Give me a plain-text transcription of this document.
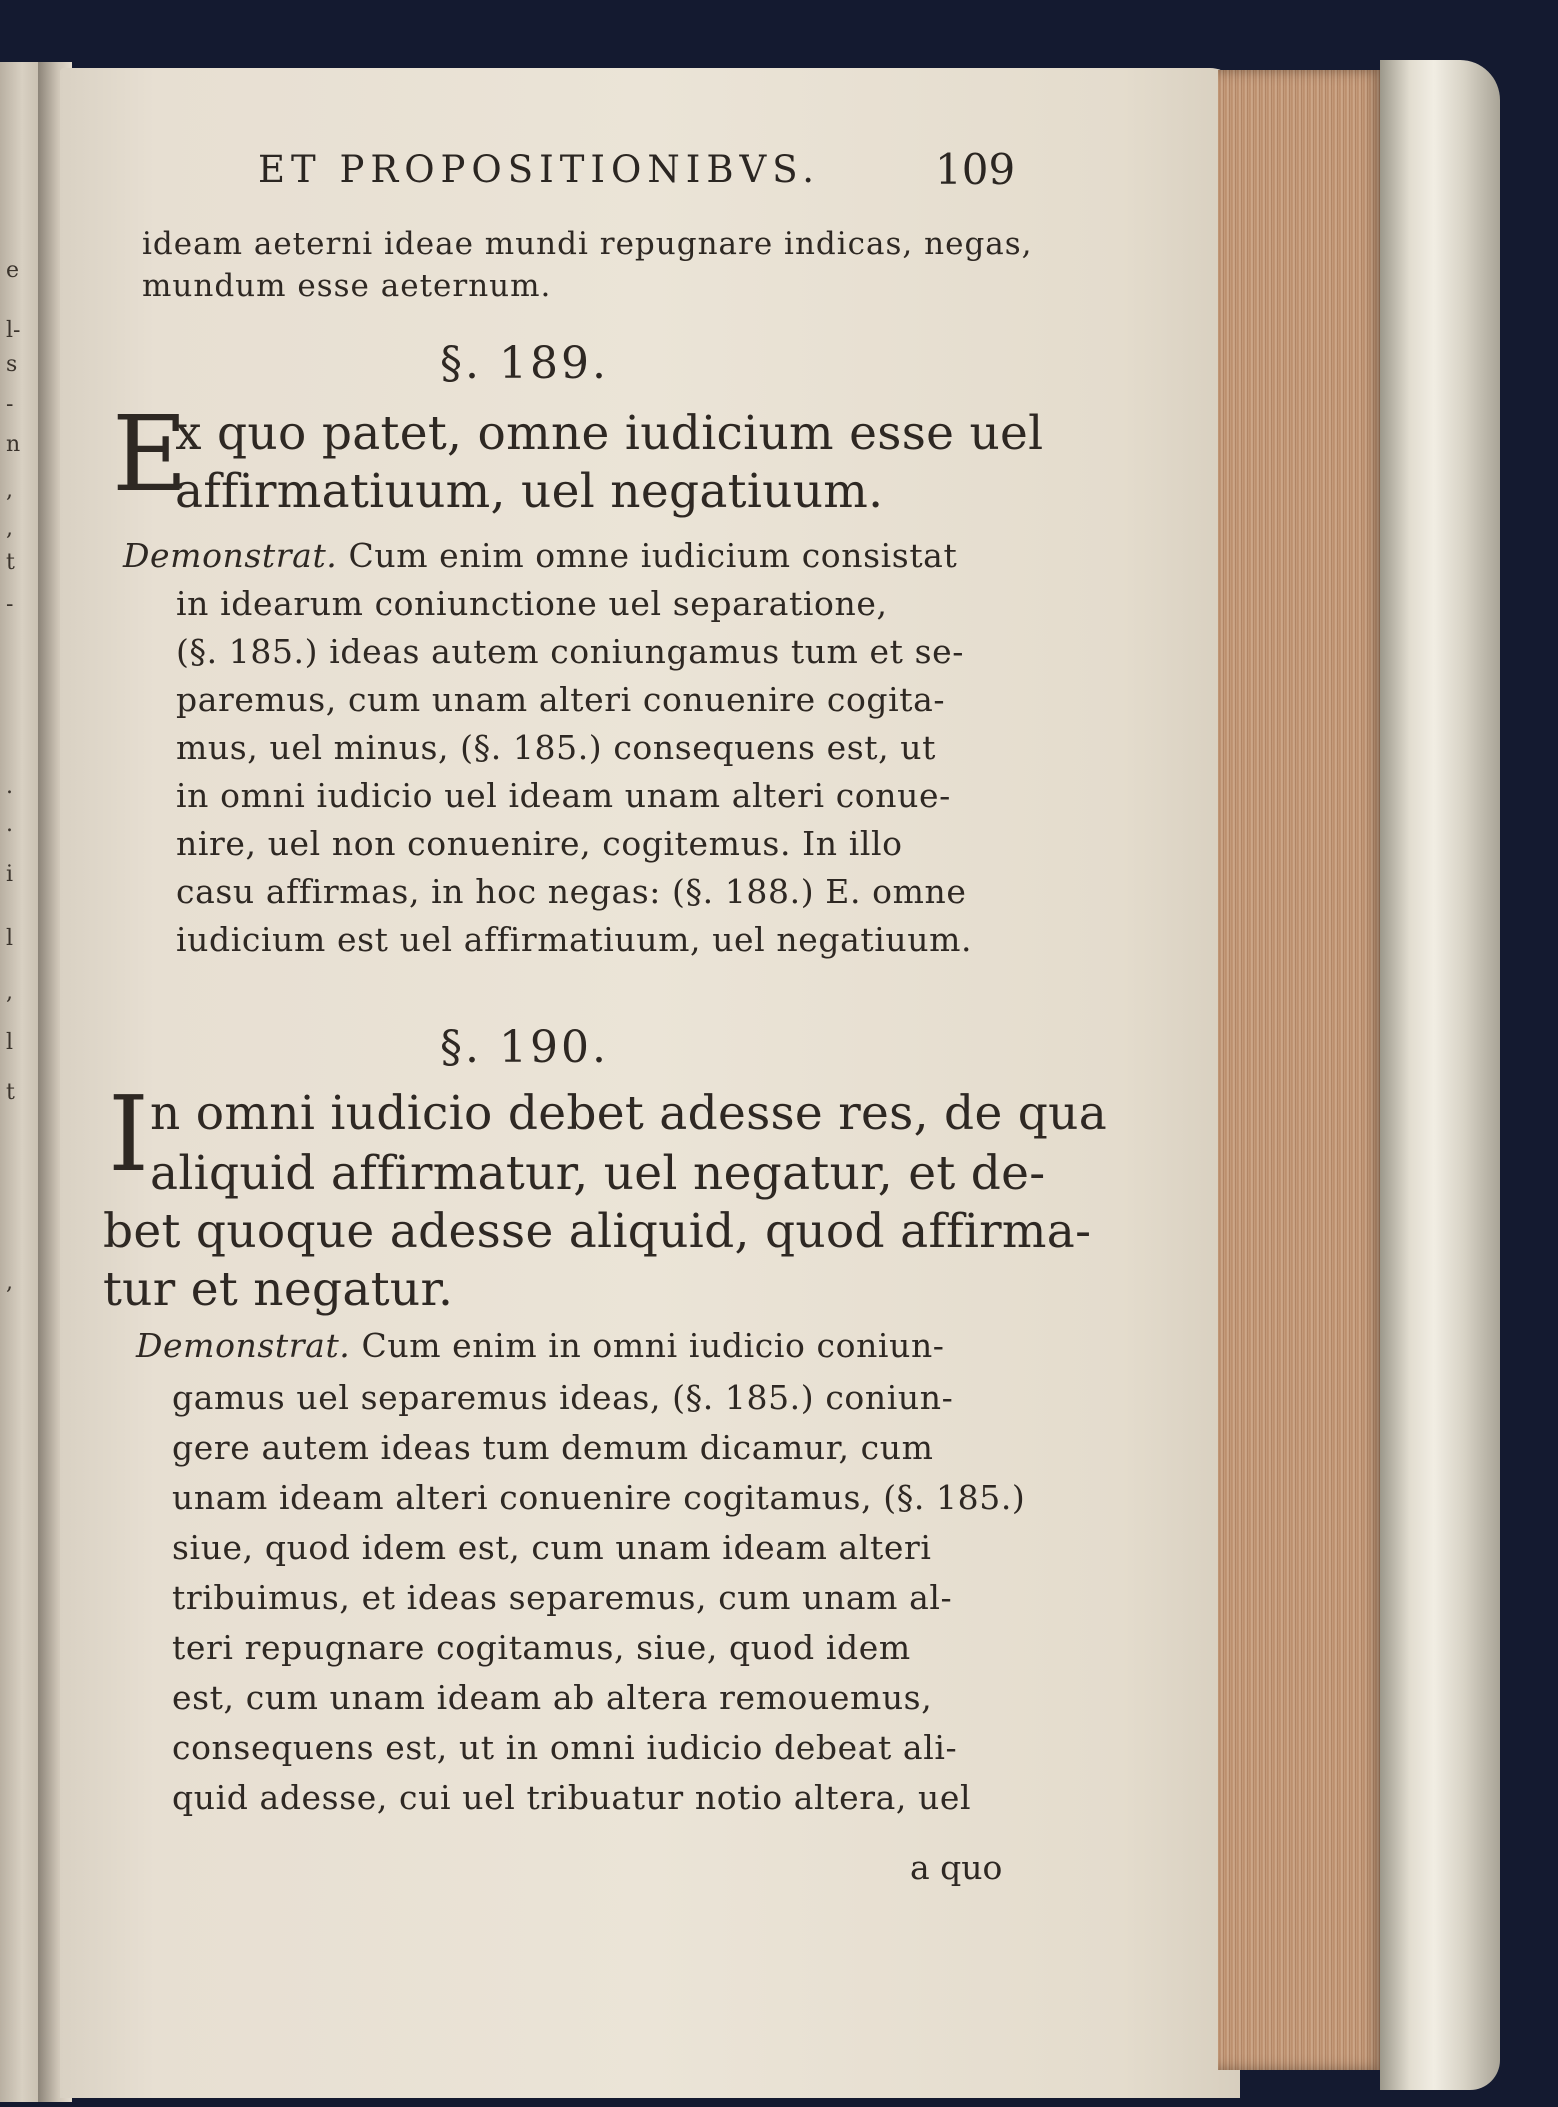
e
l-
s
-
n
,
,
t
-
.
.
i
l
,
l
t
,
ET PROPOSITIONIBVS.	109
ideam aeterni ideae mundi repugnare indicas, negas,
mundum esse aeternum.
§. 189.
E
x quo patet, omne iudicium esse uel
affirmatiuum, uel negatiuum.
Demonstrat. Cum enim omne iudicium consistat
in idearum coniunctione uel separatione,
(§. 185.) ideas autem coniungamus tum et se-
paremus, cum unam alteri conuenire cogita-
mus, uel minus, (§. 185.) consequens est, ut
in omni iudicio uel ideam unam alteri conue-
nire, uel non conuenire, cogitemus. In illo
casu affirmas, in hoc negas: (§. 188.) E. omne
iudicium est uel affirmatiuum, uel negatiuum.
§. 190.
I n omni iudicio debet adesse res, de qua
aliquid affirmatur, uel negatur, et de-
bet quoque adesse aliquid, quod affirma-
tur et negatur.
Demonstrat. Cum enim in omni iudicio coniun-
gamus uel separemus ideas, (§. 185.) coniun-
gere autem ideas tum demum dicamur, cum
unam ideam alteri conuenire cogitamus, (§. 185.)
siue, quod idem est, cum unam ideam alteri
tribuimus, et ideas separemus, cum unam al-
teri repugnare cogitamus, siue, quod idem
est, cum unam ideam ab altera remouemus,
consequens est, ut in omni iudicio debeat ali-
quid adesse, cui uel tribuatur notio altera, uel
a quo
